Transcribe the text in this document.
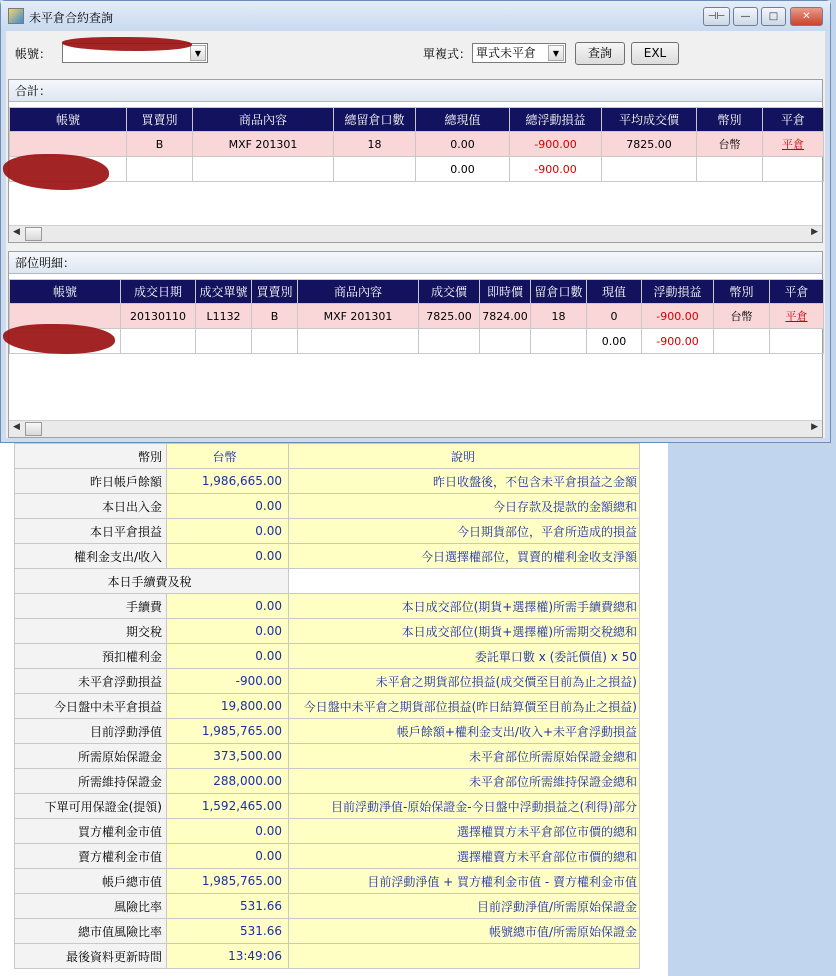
幣別	台幣	說明
昨日帳戶餘額	1,986,665.00	昨日收盤後，不包含未平倉損益之金額
本日出入金	0.00	今日存款及提款的金額總和
本日平倉損益	0.00	今日期貨部位，平倉所造成的損益
權利金支出/收入	0.00	今日選擇權部位，買賣的權利金收支淨額
本日手續費及稅		
手續費	0.00	本日成交部位(期貨+選擇權)所需手續費總和
期交稅	0.00	本日成交部位(期貨+選擇權)所需期交稅總和
預扣權利金	0.00	委託單口數 x (委託價值) x 50
未平倉浮動損益	-900.00	未平倉之期貨部位損益(成交價至目前為止之損益)
今日盤中未平倉損益	19,800.00	今日盤中未平倉之期貨部位損益(昨日結算價至目前為止之損益)
目前浮動淨值	1,985,765.00	帳戶餘額+權利金支出/收入+未平倉浮動損益
所需原始保證金	373,500.00	未平倉部位所需原始保證金總和
所需維持保證金	288,000.00	未平倉部位所需維持保證金總和
下單可用保證金(提領)	1,592,465.00	目前浮動淨值-原始保證金-今日盤中浮動損益之(利得)部分
買方權利金市值	0.00	選擇權買方未平倉部位市價的總和
賣方權利金市值	0.00	選擇權賣方未平倉部位市價的總和
帳戶總市值	1,985,765.00	目前浮動淨值 + 買方權利金市值 - 賣方權利金市值
風險比率	531.66	目前浮動淨值/所需原始保證金
總市值風險比率	531.66	帳號總市值/所需原始保證金
最後資料更新時間	13:49:06	
未平倉合約查詢	⊣⊢	—	□	✕
帳號：	▼	單複式： 單式未平倉	▼	查詢	EXL
合計：
帳號	買賣別	商品內容	總留倉口數	總現值	總浮動損益	平均成交價	幣別	平倉
	B	MXF 201301	18	0.00	-900.00	7825.00	台幣	平倉
				0.00	-900.00			
◀	▶
部位明細：
帳號	成交日期	成交單號	買賣別	商品內容	成交價	即時價	留倉口數	現值	浮動損益	幣別	平倉
	20130110	L1132	B	MXF 201301	7825.00	7824.00	18	0	-900.00	台幣	平倉
								0.00	-900.00		
◀	▶
